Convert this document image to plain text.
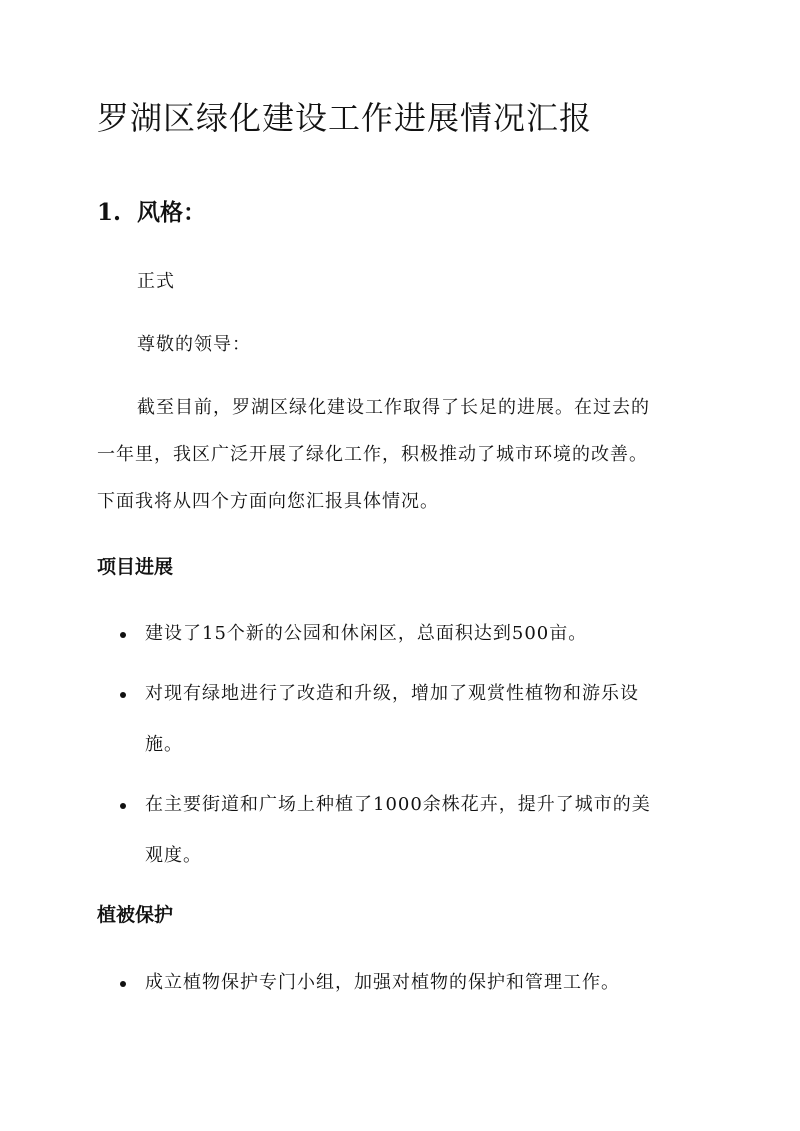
罗湖区绿化建设工作进展情况汇报
1. 风格：

正式

尊敬的领导：

截至目前，罗湖区绿化建设工作取得了长足的进展。在过去的

一年里，我区广泛开展了绿化工作，积极推动了城市环境的改善。

下面我将从四个方面向您汇报具体情况。

项目进展

建设了15个新的公园和休闲区，总面积达到500亩。

对现有绿地进行了改造和升级，增加了观赏性植物和游乐设

施。

在主要街道和广场上种植了1000余株花卉，提升了城市的美

观度。

植被保护

成立植物保护专门小组，加强对植物的保护和管理工作。
